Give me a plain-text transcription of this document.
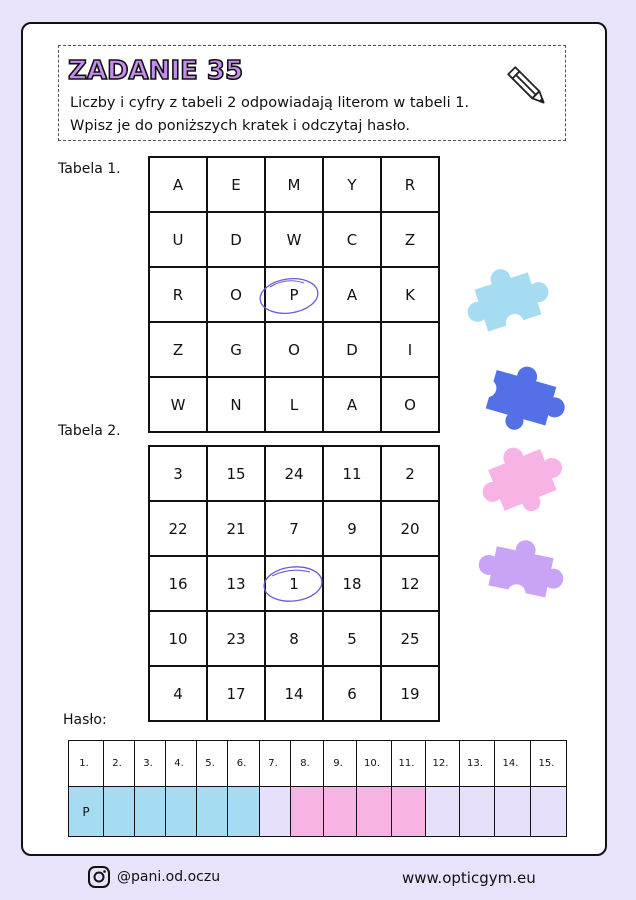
ZADANIE 35
Liczby i cyfry z tabeli 2 odpowiadają literom w tabeli 1.
Wpisz je do poniższych kratek i odczytaj hasło.
Tabela 1.
A	E	M	Y	R
U	D	W	C	Z
R	O	P	A	K
Z	G	O	D	I
W	N	L	A	O
Tabela 2.
3	15	24	11	2
22	21	7	9	20
16	13	1	18	12
10	23	8	5	25
4	17	14	6	19
Hasło:
1.	2.	3.	4.	5.	6.	7.	8.	9.	10.	11.	12.	13.	14.	15.
P														
@pani.od.oczu	www.opticgym.eu
